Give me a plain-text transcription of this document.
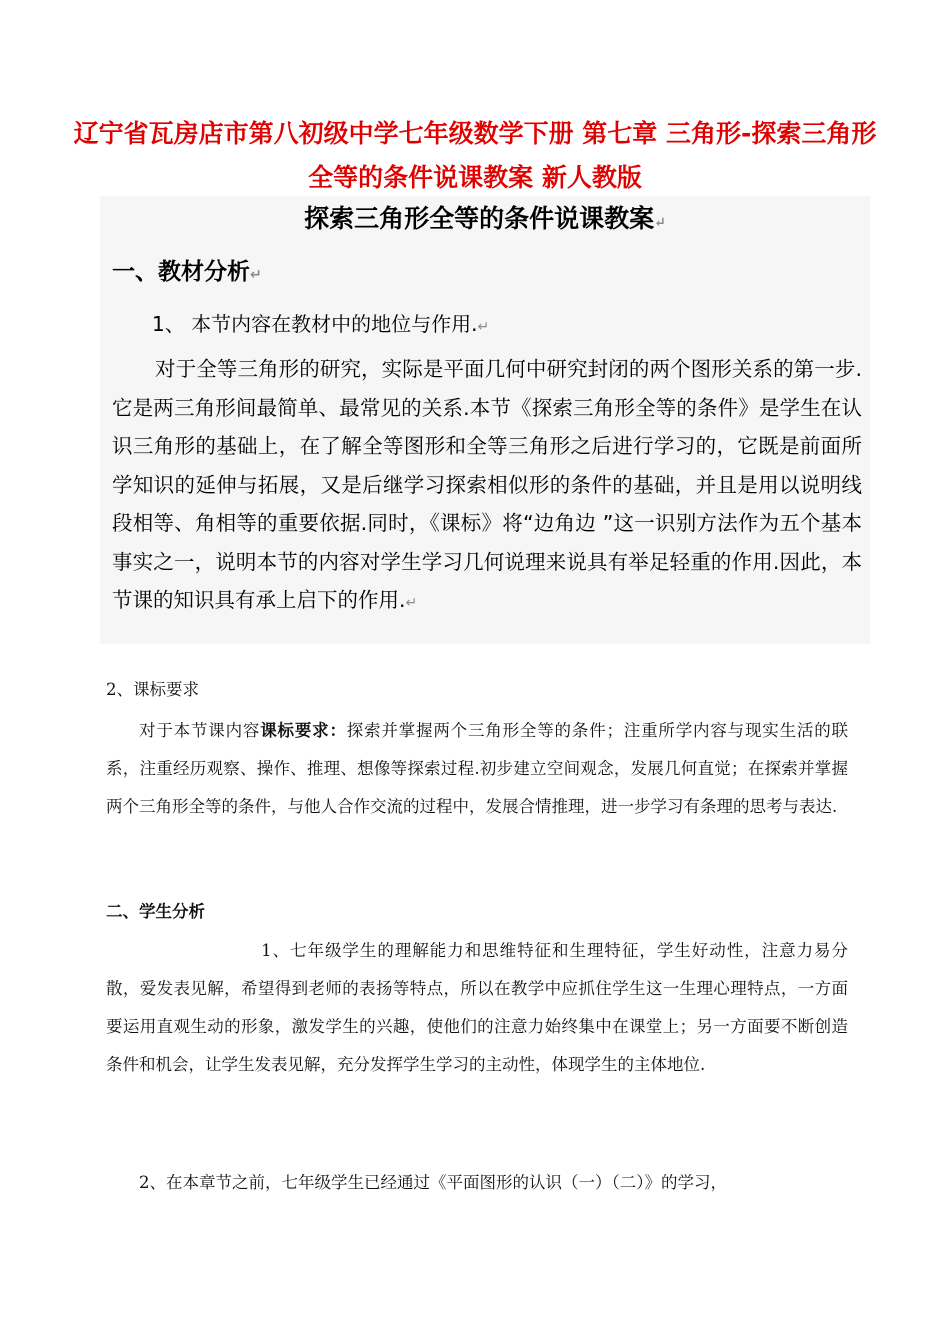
辽宁省瓦房店市第八初级中学七年级数学下册 第七章 三角形-探索三角形全等的条件说课教案 新人教版
探索三角形全等的条件说课教案↵
一、教材分析↵
1、 本节内容在教材中的地位与作用.↵
对于全等三角形的研究，实际是平面几何中研究封闭的两个图形关系的第一步.它是两三角形间最简单、最常见的关系.本节《探索三角形全等的条件》是学生在认识三角形的基础上，在了解全等图形和全等三角形之后进行学习的，它既是前面所学知识的延伸与拓展，又是后继学习探索相似形的条件的基础，并且是用以说明线段相等、角相等的重要依据.同时，《课标》将“边角边 ”这一识别方法作为五个基本事实之一，说明本节的内容对学生学习几何说理来说具有举足轻重的作用.因此，本节课的知识具有承上启下的作用.↵
2、课标要求
对于本节课内容课标要求：探索并掌握两个三角形全等的条件；注重所学内容与现实生活的联系，注重经历观察、操作、推理、想像等探索过程.初步建立空间观念，发展几何直觉；在探索并掌握两个三角形全等的条件，与他人合作交流的过程中，发展合情推理，进一步学习有条理的思考与表达.
二、学生分析
1、七年级学生的理解能力和思维特征和生理特征，学生好动性，注意力易分散，爱发表见解，希望得到老师的表扬等特点，所以在教学中应抓住学生这一生理心理特点，一方面要运用直观生动的形象，激发学生的兴趣，使他们的注意力始终集中在课堂上；另一方面要不断创造条件和机会，让学生发表见解，充分发挥学生学习的主动性，体现学生的主体地位.
2、在本章节之前，七年级学生已经通过《平面图形的认识（一）（二）》的学习，
